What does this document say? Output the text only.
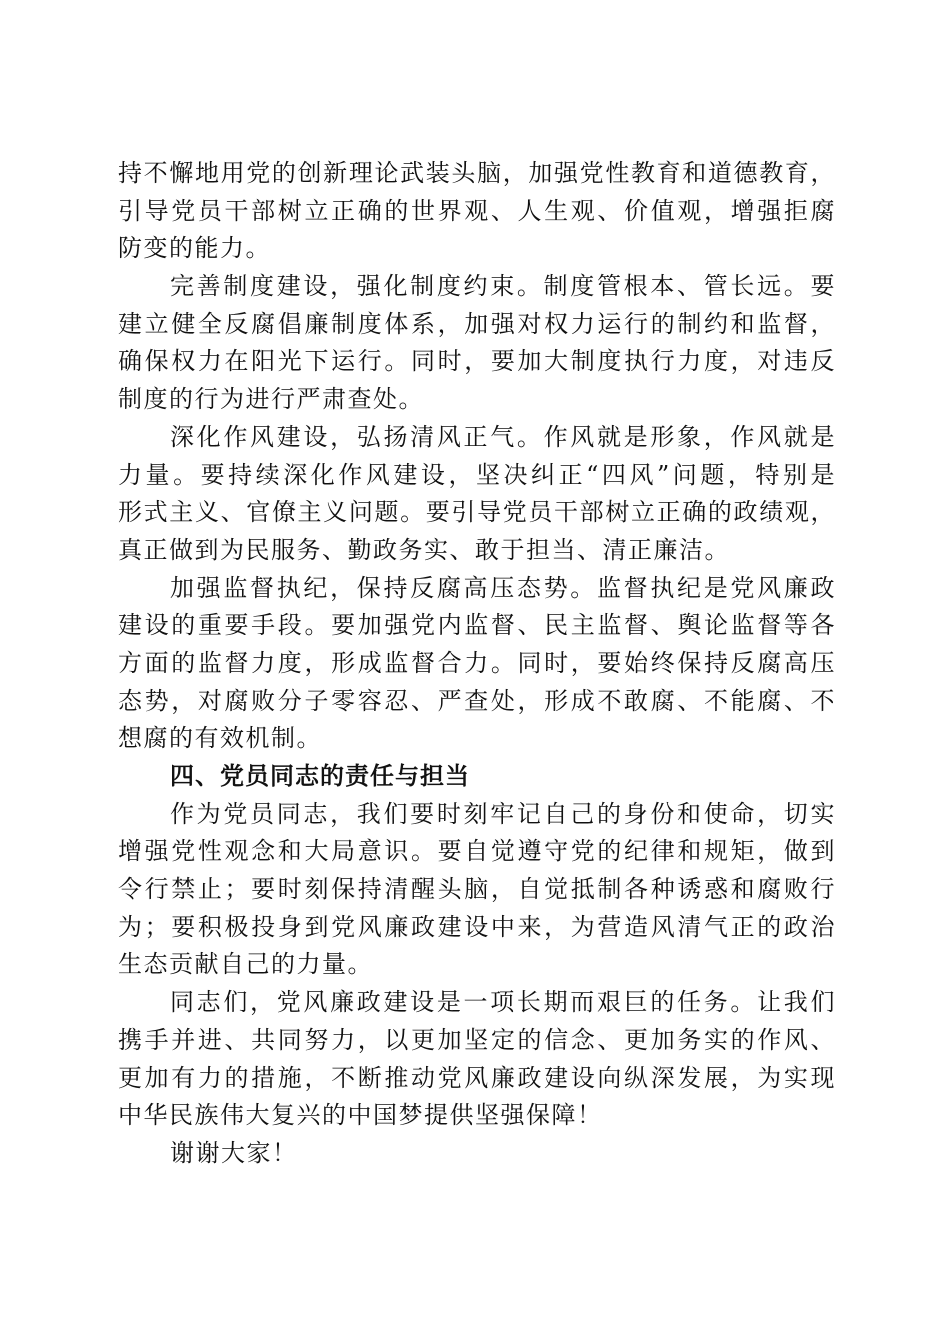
持不懈地用党的创新理论武装头脑，加强党性教育和道德教育，
引导党员干部树立正确的世界观、人生观、价值观，增强拒腐
防变的能力。
完善制度建设，强化制度约束。制度管根本、管长远。要
建立健全反腐倡廉制度体系，加强对权力运行的制约和监督，
确保权力在阳光下运行。同时，要加大制度执行力度，对违反
制度的行为进行严肃查处。
深化作风建设，弘扬清风正气。作风就是形象，作风就是
力量。要持续深化作风建设，坚决纠正“四风”问题，特别是
形式主义、官僚主义问题。要引导党员干部树立正确的政绩观，
真正做到为民服务、勤政务实、敢于担当、清正廉洁。
加强监督执纪，保持反腐高压态势。监督执纪是党风廉政
建设的重要手段。要加强党内监督、民主监督、舆论监督等各
方面的监督力度，形成监督合力。同时，要始终保持反腐高压
态势，对腐败分子零容忍、严查处，形成不敢腐、不能腐、不
想腐的有效机制。
四、党员同志的责任与担当
作为党员同志，我们要时刻牢记自己的身份和使命，切实
增强党性观念和大局意识。要自觉遵守党的纪律和规矩，做到
令行禁止；要时刻保持清醒头脑，自觉抵制各种诱惑和腐败行
为；要积极投身到党风廉政建设中来，为营造风清气正的政治
生态贡献自己的力量。
同志们，党风廉政建设是一项长期而艰巨的任务。让我们
携手并进、共同努力，以更加坚定的信念、更加务实的作风、
更加有力的措施，不断推动党风廉政建设向纵深发展，为实现
中华民族伟大复兴的中国梦提供坚强保障！
谢谢大家！
